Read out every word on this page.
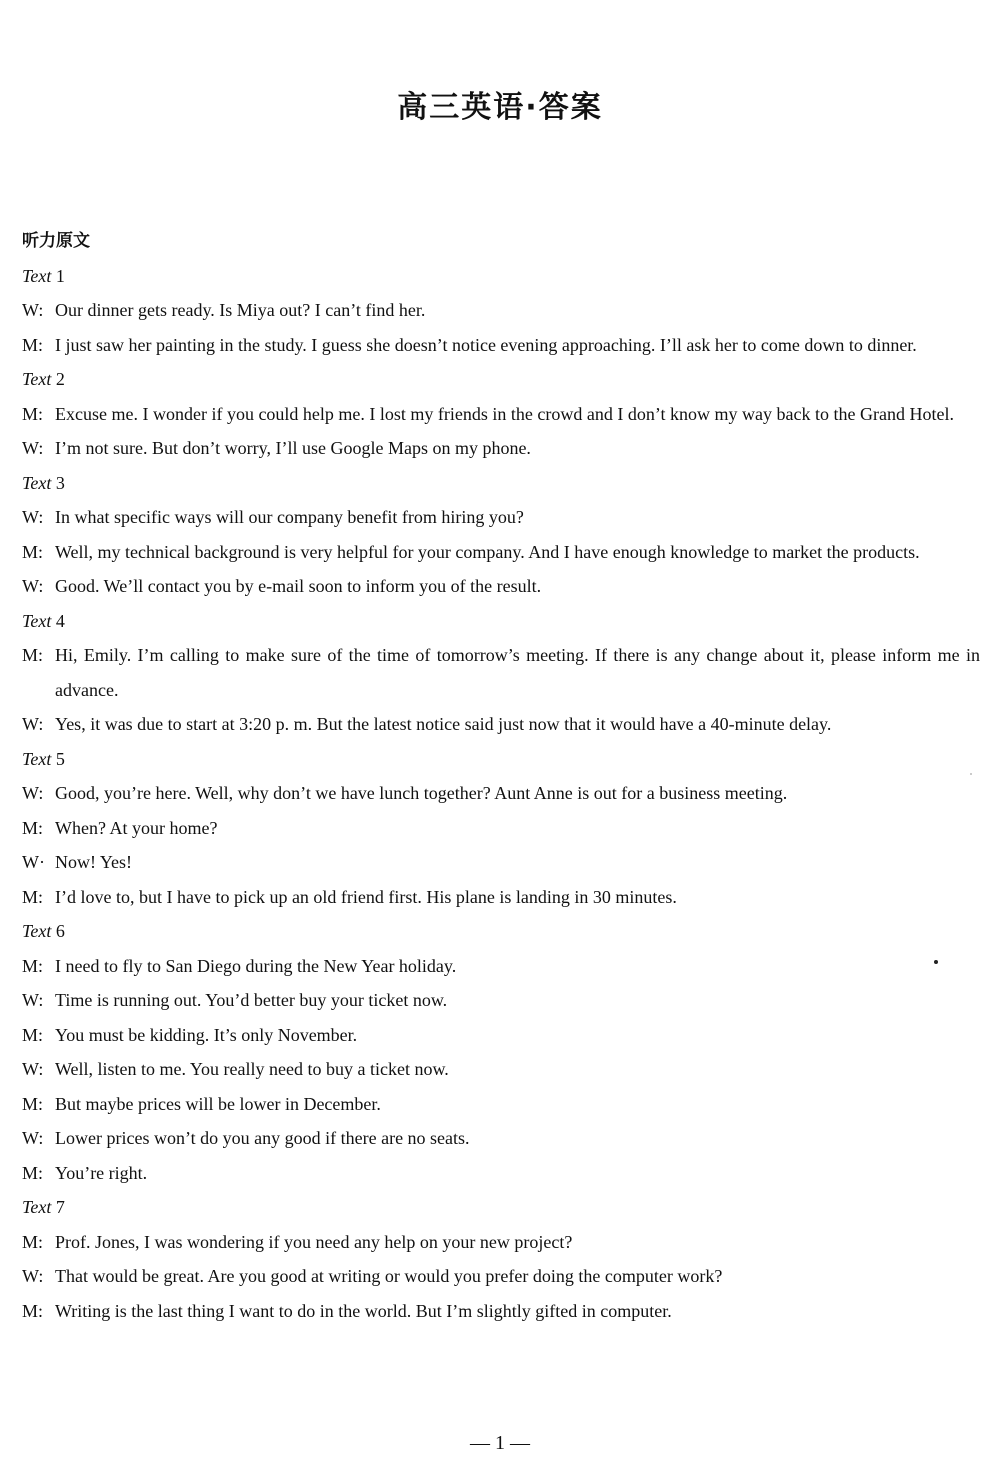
高三英语·答案
听力原文
Text 1
W: Our dinner gets ready. Is Miya out? I can’t find her.
M: I just saw her painting in the study. I guess she doesn’t notice evening approaching. I’ll ask her to come down to dinner.
Text 2
M: Excuse me. I wonder if you could help me. I lost my friends in the crowd and I don’t know my way back to the Grand Hotel.
W: I’m not sure. But don’t worry, I’ll use Google Maps on my phone.
Text 3
W: In what specific ways will our company benefit from hiring you?
M: Well, my technical background is very helpful for your company. And I have enough knowledge to market the products.
W: Good. We’ll contact you by e-mail soon to inform you of the result.
Text 4
M: Hi, Emily. I’m calling to make sure of the time of tomorrow’s meeting. If there is any change about it, please inform me in advance.
W: Yes, it was due to start at 3:20 p. m. But the latest notice said just now that it would have a 40-minute delay.
Text 5
W: Good, you’re here. Well, why don’t we have lunch together? Aunt Anne is out for a business meeting.
M: When? At your home?
W· Now! Yes!
M: I’d love to, but I have to pick up an old friend first. His plane is landing in 30 minutes.
Text 6
M: I need to fly to San Diego during the New Year holiday.
W: Time is running out. You’d better buy your ticket now.
M: You must be kidding. It’s only November.
W: Well, listen to me. You really need to buy a ticket now.
M: But maybe prices will be lower in December.
W: Lower prices won’t do you any good if there are no seats.
M: You’re right.
Text 7
M: Prof. Jones, I was wondering if you need any help on your new project?
W: That would be great. Are you good at writing or would you prefer doing the computer work?
M: Writing is the last thing I want to do in the world. But I’m slightly gifted in computer.
— 1 —
